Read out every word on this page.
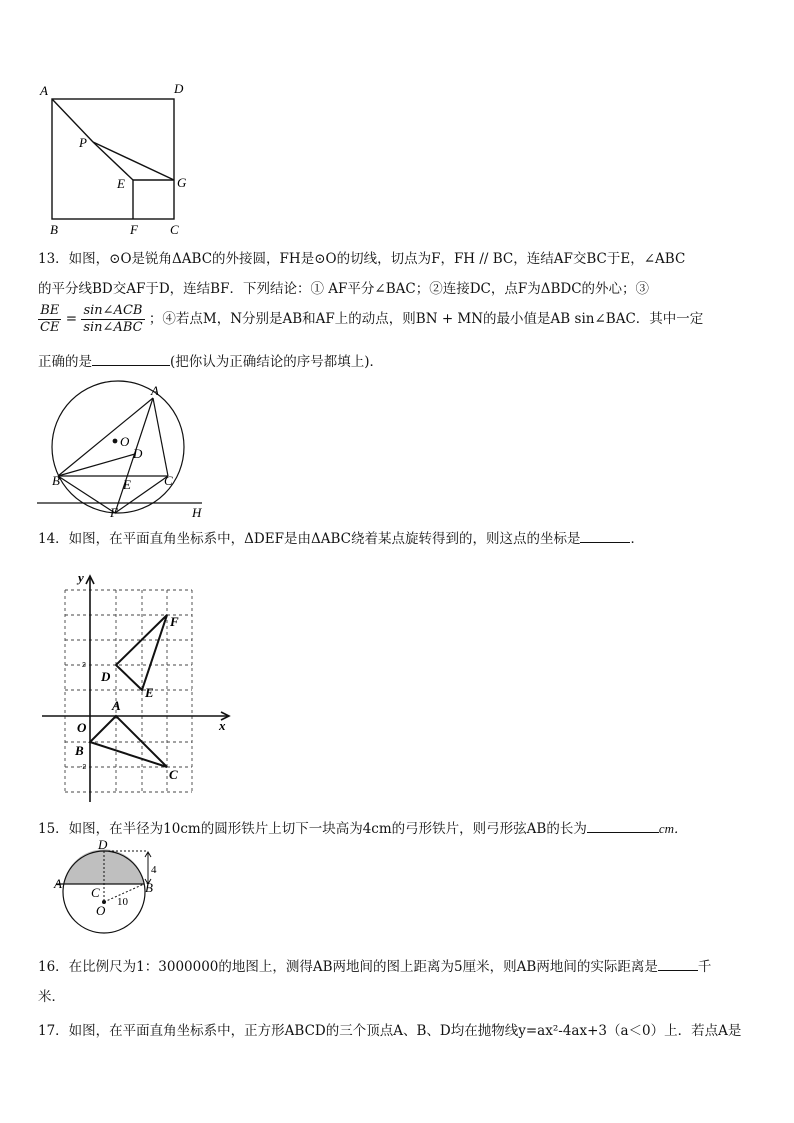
A	D
P
E	G
B	F C
13．如图，⊙O是锐角ΔABC的外接圆，FH是⊙O的切线，切点为F，FH // BC，连结AF交BC于E，∠ABC
的平分线BD交AF于D，连结BF．下列结论：① AF平分∠BAC；②连接DC，点F为ΔBDC的外心；③
$\frac{BE}{CE} = \frac{\text{sin∠ACB}}{\text{sin∠ABC}}$ ；④若点M，N分别是AB和AF上的动点，则BN + MN的最小值是AB sin∠BAC．其中一定
正确的是	(把你认为正确结论的序号都填上)．
A
O
D
B	C
E
F	H
14．如图，在平面直角坐标系中，ΔDEF是由ΔABC绕着某点旋转得到的，则这点的坐标是	．
y
x
O
A
B
C
D
E
F
2
-2
15．如图，在半径为10cm的圆形铁片上切下一块高为4cm的弓形铁片，则弓形弦AB的长为	cm．
D
A	B
C
O
10
4
16．在比例尺为1：3000000的地图上，测得AB两地间的图上距离为5厘米，则AB两地间的实际距离是	千
米．
17．如图，在平面直角坐标系中，正方形ABCD的三个顶点A、B、D均在抛物线y=ax²-4ax+3（a＜0）上．若点A是
